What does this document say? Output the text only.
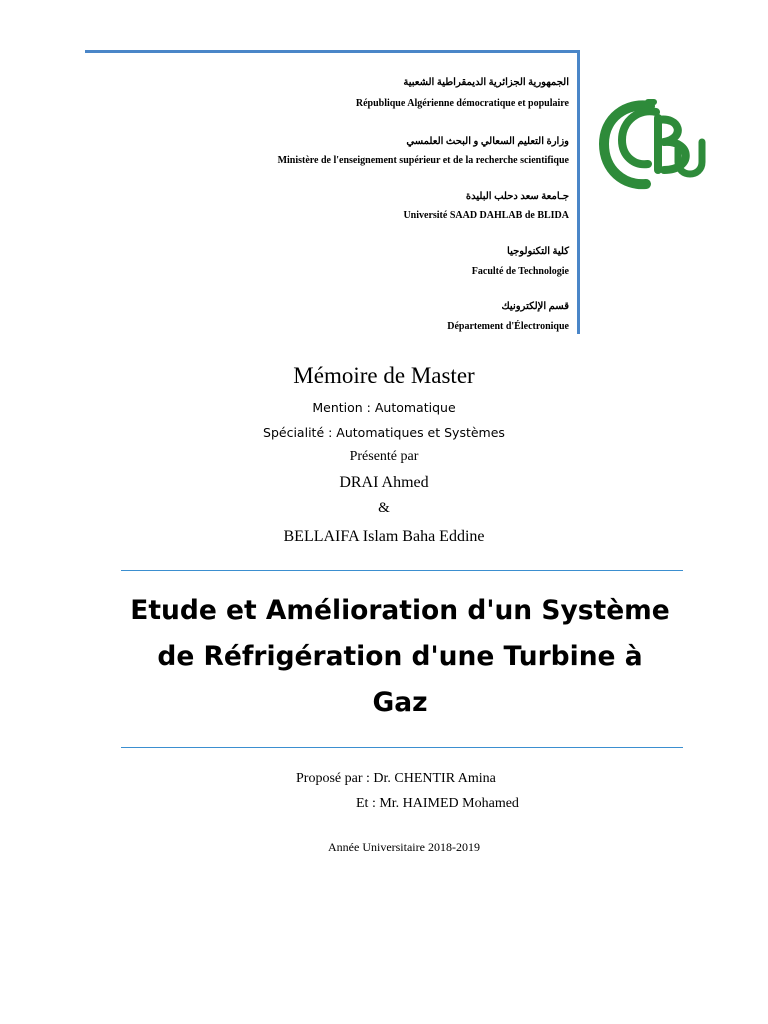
الجمهورية الجزائرية الديمقراطية الشعبية
République Algérienne démocratique et populaire
وزارة التعليم السعالي و البحث العلمسي
Ministère de l'enseignement supérieur et de la recherche scientifique
جـامعة سعد دحلب البليدة
Université SAAD DAHLAB de BLIDA
كلية التكنولوجيا
Faculté de Technologie
قسم الإلكترونيك
Département d'Électronique
Mémoire de Master
Mention : Automatique
Spécialité : Automatiques et Systèmes
Présenté par
DRAI Ahmed
&
BELLAIFA Islam Baha Eddine
Etude et Amélioration d'un Système
de Réfrigération d'une Turbine à
Gaz
Proposé par : Dr. CHENTIR Amina
Et : Mr. HAIMED Mohamed
Année Universitaire 2018-2019
